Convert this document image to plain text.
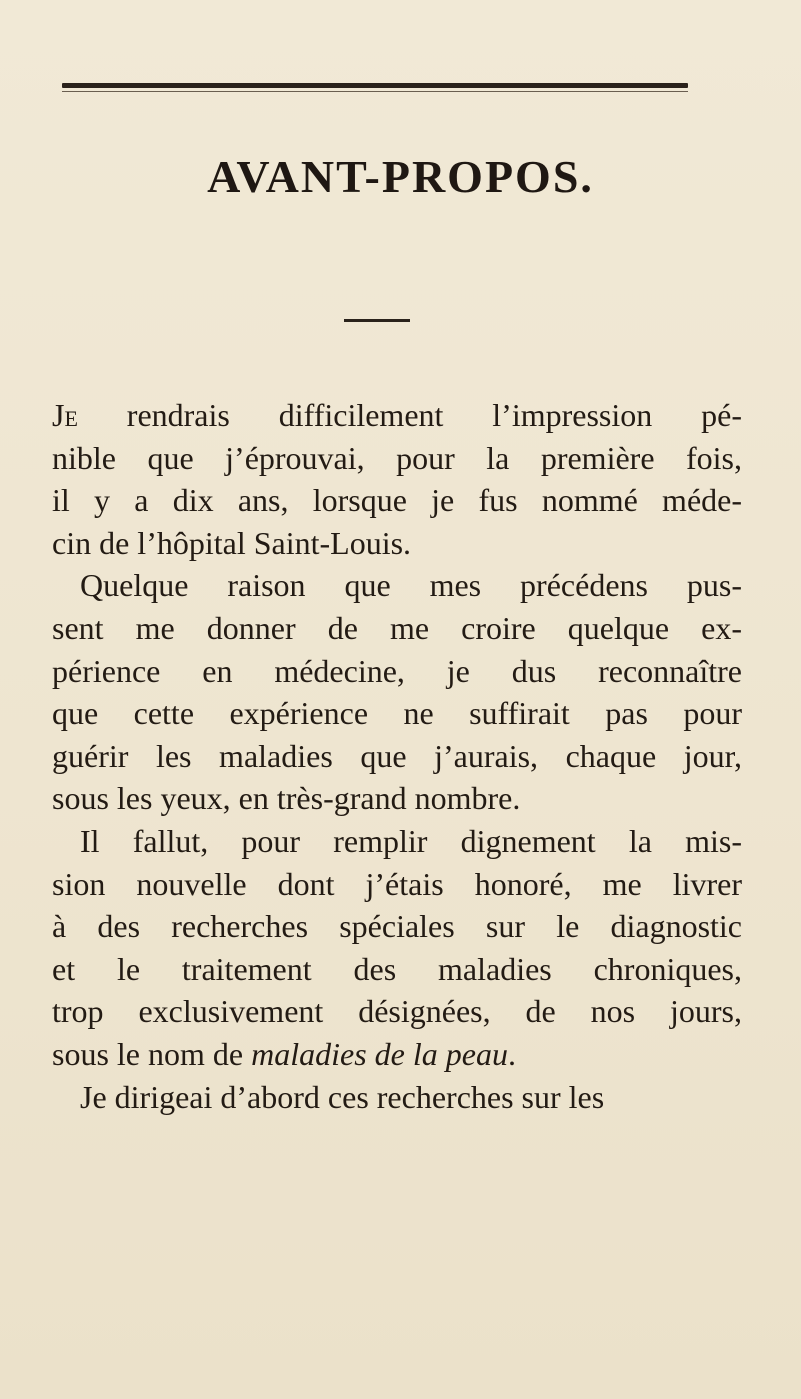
AVANT-PROPOS.
Je rendrais difficilement l’impression pé-
nible que j’éprouvai, pour la première fois,
il y a dix ans, lorsque je fus nommé méde-
cin de l’hôpital Saint-Louis.
Quelque raison que mes précédens pus-
sent me donner de me croire quelque ex-
périence en médecine, je dus reconnaître
que cette expérience ne suffirait pas pour
guérir les maladies que j’aurais, chaque jour,
sous les yeux, en très-grand nombre.
Il fallut, pour remplir dignement la mis-
sion nouvelle dont j’étais honoré, me livrer
à des recherches spéciales sur le diagnostic
et le traitement des maladies chroniques,
trop exclusivement désignées, de nos jours,
sous le nom de maladies de la peau.
Je dirigeai d’abord ces recherches sur les
